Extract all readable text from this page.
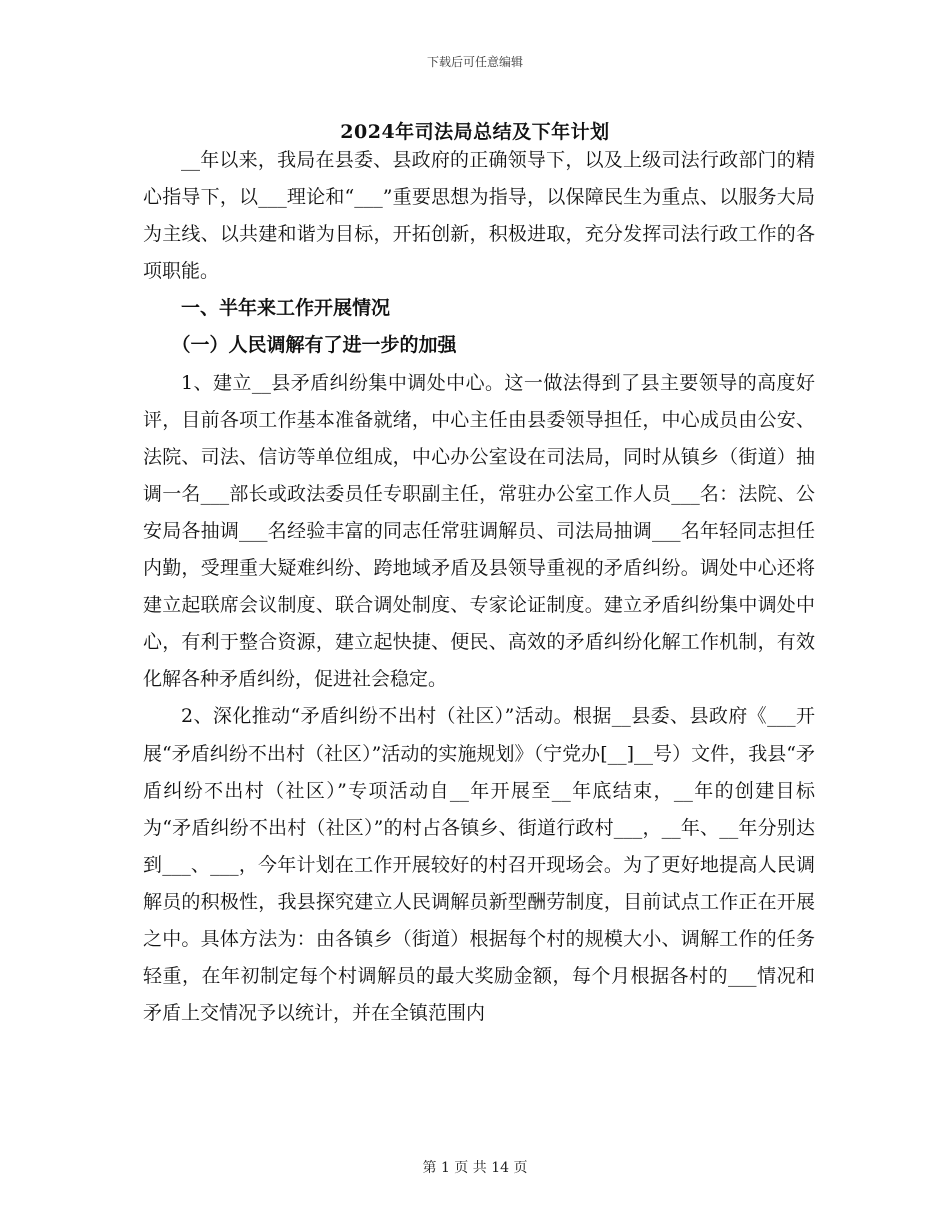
下载后可任意编辑
2024年司法局总结及下年计划

__年以来，我局在县委、县政府的正确领导下，以及上级司法行政部门的精心指导下，以___理论和“___”重要思想为指导，以保障民生为重点、以服务大局为主线、以共建和谐为目标，开拓创新，积极进取，充分发挥司法行政工作的各项职能。

一、半年来工作开展情况
（一）人民调解有了进一步的加强

1、建立__县矛盾纠纷集中调处中心。这一做法得到了县主要领导的高度好评，目前各项工作基本准备就绪，中心主任由县委领导担任，中心成员由公安、法院、司法、信访等单位组成，中心办公室设在司法局，同时从镇乡（街道）抽调一名___部长或政法委员任专职副主任，常驻办公室工作人员___名：法院、公安局各抽调___名经验丰富的同志任常驻调解员、司法局抽调___名年轻同志担任内勤，受理重大疑难纠纷、跨地域矛盾及县领导重视的矛盾纠纷。调处中心还将建立起联席会议制度、联合调处制度、专家论证制度。建立矛盾纠纷集中调处中心，有利于整合资源，建立起快捷、便民、高效的矛盾纠纷化解工作机制，有效化解各种矛盾纠纷，促进社会稳定。

2、深化推动“矛盾纠纷不出村（社区）”活动。根据__县委、县政府《___开展“矛盾纠纷不出村（社区）”活动的实施规划》（宁党办[__]__号）文件，我县“矛盾纠纷不出村（社区）”专项活动自__年开展至__年底结束，__年的创建目标为“矛盾纠纷不出村（社区）”的村占各镇乡、街道行政村___，__年、__年分别达到___、___，今年计划在工作开展较好的村召开现场会。为了更好地提高人民调解员的积极性，我县探究建立人民调解员新型酬劳制度，目前试点工作正在开展之中。具体方法为：由各镇乡（街道）根据每个村的规模大小、调解工作的任务轻重，在年初制定每个村调解员的最大奖励金额，每个月根据各村的___情况和矛盾上交情况予以统计，并在全镇范围内

第 1 页 共 14 页
